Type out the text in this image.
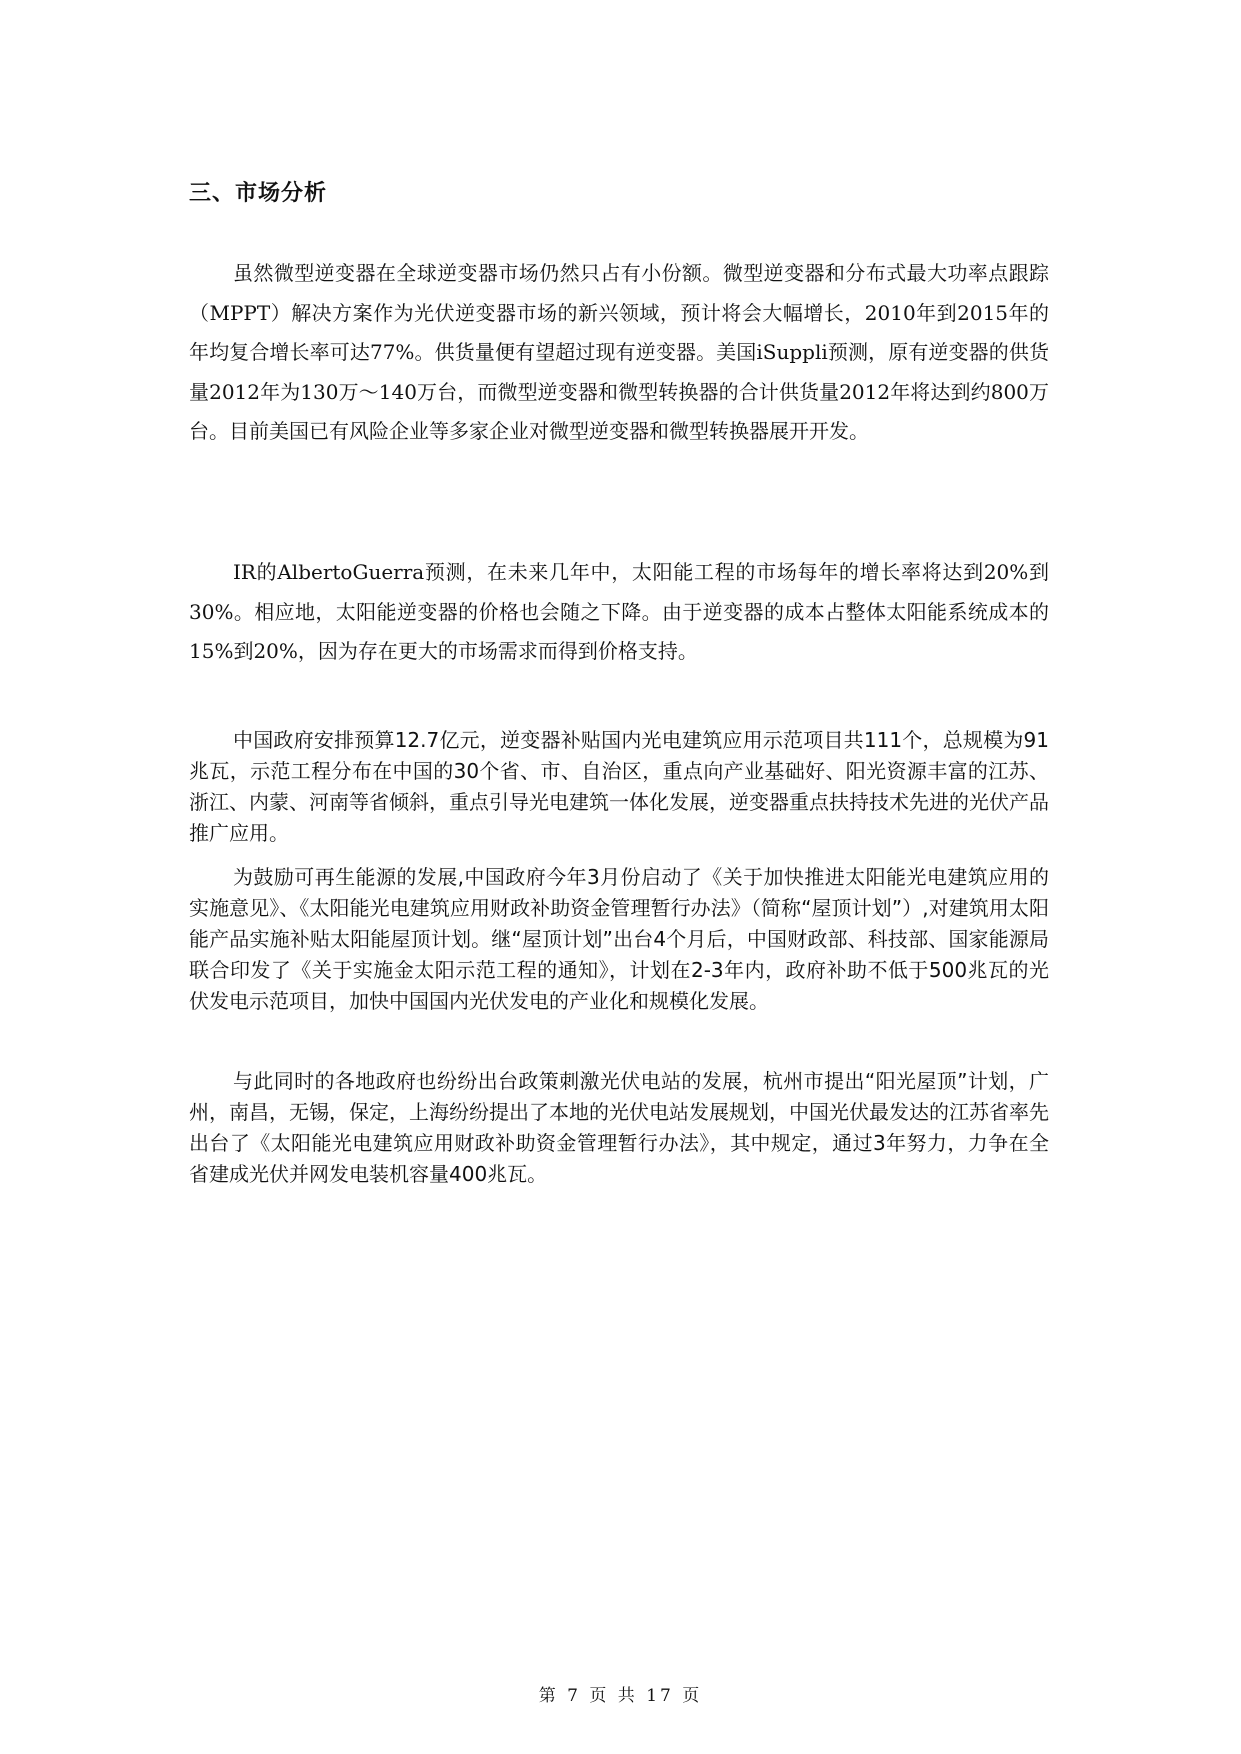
三、市场分析

虽然微型逆变器在全球逆变器市场仍然只占有小份额。微型逆变器和分布式最大功率点跟踪（MPPT）解决方案作为光伏逆变器市场的新兴领域，预计将会大幅增长，2010年到2015年的年均复合增长率可达77%。供货量便有望超过现有逆变器。美国iSuppli预测，原有逆变器的供货量2012年为130万～140万台，而微型逆变器和微型转换器的合计供货量2012年将达到约800万台。目前美国已有风险企业等多家企业对微型逆变器和微型转换器展开开发。

IR的AlbertoGuerra预测，在未来几年中，太阳能工程的市场每年的增长率将达到20%到30%。相应地，太阳能逆变器的价格也会随之下降。由于逆变器的成本占整体太阳能系统成本的15%到20%，因为存在更大的市场需求而得到价格支持。

中国政府安排预算12.7亿元，逆变器补贴国内光电建筑应用示范项目共111个，总规模为91兆瓦，示范工程分布在中国的30个省、市、自治区，重点向产业基础好、阳光资源丰富的江苏、浙江、内蒙、河南等省倾斜，重点引导光电建筑一体化发展，逆变器重点扶持技术先进的光伏产品推广应用。

为鼓励可再生能源的发展,中国政府今年3月份启动了《关于加快推进太阳能光电建筑应用的实施意见》、《太阳能光电建筑应用财政补助资金管理暂行办法》（简称“屋顶计划”）,对建筑用太阳能产品实施补贴太阳能屋顶计划。继“屋顶计划”出台4个月后，中国财政部、科技部、国家能源局联合印发了《关于实施金太阳示范工程的通知》，计划在2-3年内，政府补助不低于500兆瓦的光伏发电示范项目，加快中国国内光伏发电的产业化和规模化发展。

与此同时的各地政府也纷纷出台政策刺激光伏电站的发展，杭州市提出“阳光屋顶”计划，广州，南昌，无锡，保定，上海纷纷提出了本地的光伏电站发展规划，中国光伏最发达的江苏省率先出台了《太阳能光电建筑应用财政补助资金管理暂行办法》，其中规定，通过3年努力，力争在全省建成光伏并网发电装机容量400兆瓦。

第 7 页 共 17 页
